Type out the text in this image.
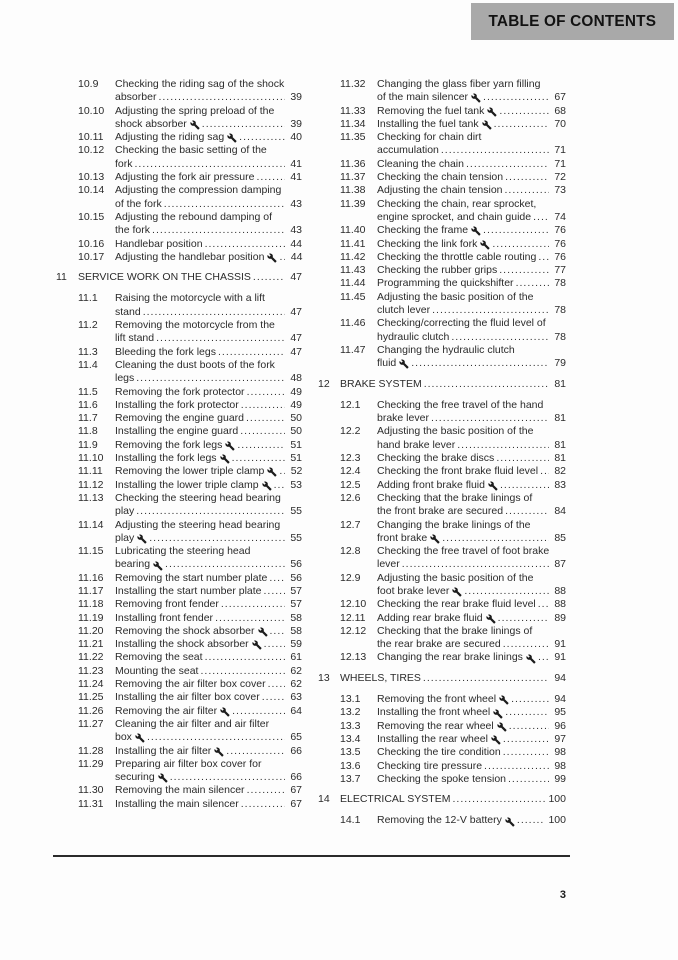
TABLE OF CONTENTS
10.9 Checking the riding sag of the shock
absorber .....	39
10.10 Adjusting the spring preload of the
shock absorber .....	39
10.11 Adjusting the riding sag .....	40
10.12 Checking the basic setting of the
fork .....	41
10.13 Adjusting the fork air pressure .....	41
10.14 Adjusting the compression damping
of the fork .....	43
10.15 Adjusting the rebound damping of
the fork .....	43
10.16 Handlebar position .....	44
10.17 Adjusting the handlebar position .....	44
11 SERVICE WORK ON THE CHASSIS .....	47
11.1 Raising the motorcycle with a lift
stand .....	47
11.2 Removing the motorcycle from the
lift stand .....	47
11.3 Bleeding the fork legs .....	47
11.4 Cleaning the dust boots of the fork
legs .....	48
11.5 Removing the fork protector .....	49
11.6 Installing the fork protector .....	49
11.7 Removing the engine guard .....	50
11.8 Installing the engine guard .....	50
11.9 Removing the fork legs .....	51
11.10 Installing the fork legs .....	51
11.11 Removing the lower triple clamp .....	52
11.12 Installing the lower triple clamp .....	53
11.13 Checking the steering head bearing
play .....	55
11.14 Adjusting the steering head bearing
play .....	55
11.15 Lubricating the steering head
bearing .....	56
11.16 Removing the start number plate ..... 56
11.17 Installing the start number plate .....	57
11.18 Removing front fender .....	57
11.19 Installing front fender .....	58
11.20 Removing the shock absorber .....	58
11.21 Installing the shock absorber .....	59
11.22 Removing the seat .....	61
11.23 Mounting the seat .....	62
11.24 Removing the air filter box cover ..... 62
11.25 Installing the air filter box cover .....	63
11.26 Removing the air filter .....	64
11.27 Cleaning the air filter and air filter
box .....	65
11.28 Installing the air filter .....	66
11.29 Preparing air filter box cover for
securing .....	66
11.30 Removing the main silencer .....	67
11.31 Installing the main silencer .....	67
11.32 Changing the glass fiber yarn filling
of the main silencer .....	67
11.33 Removing the fuel tank .....	68
11.34 Installing the fuel tank .....	70
11.35 Checking for chain dirt
accumulation .....	71
11.36 Cleaning the chain .....	71
11.37 Checking the chain tension .....	72
11.38 Adjusting the chain tension .....	73
11.39 Checking the chain, rear sprocket,
engine sprocket, and chain guide ..... 74
11.40 Checking the frame .....	76
11.41 Checking the link fork .....	76
11.42 Checking the throttle cable routing ..... 76
11.43 Checking the rubber grips .....	77
11.44 Programming the quickshifter .....	78
11.45 Adjusting the basic position of the
clutch lever .....	78
11.46 Checking/correcting the fluid level of
hydraulic clutch .....	78
11.47 Changing the hydraulic clutch
fluid .....	79
12 BRAKE SYSTEM .....	81
12.1 Checking the free travel of the hand
brake lever .....	81
12.2 Adjusting the basic position of the
hand brake lever .....	81
12.3 Checking the brake discs .....	81
12.4 Checking the front brake fluid level ..... 82
12.5 Adding front brake fluid .....	83
12.6 Checking that the brake linings of
the front brake are secured .....	84
12.7 Changing the brake linings of the
front brake .....	85
12.8 Checking the free travel of foot brake
lever .....	87
12.9 Adjusting the basic position of the
foot brake lever .....	88
12.10 Checking the rear brake fluid level ..... 88
12.11 Adding rear brake fluid .....	89
12.12 Checking that the brake linings of
the rear brake are secured .....	91
12.13 Changing the rear brake linings .....	91
13 WHEELS, TIRES .....	94
13.1 Removing the front wheel .....	94
13.2 Installing the front wheel .....	95
13.3 Removing the rear wheel .....	96
13.4 Installing the rear wheel .....	97
13.5 Checking the tire condition .....	98
13.6 Checking tire pressure .....	98
13.7 Checking the spoke tension .....	99
14 ELECTRICAL SYSTEM .....	100
14.1 Removing the 12-V battery .....	100
3
